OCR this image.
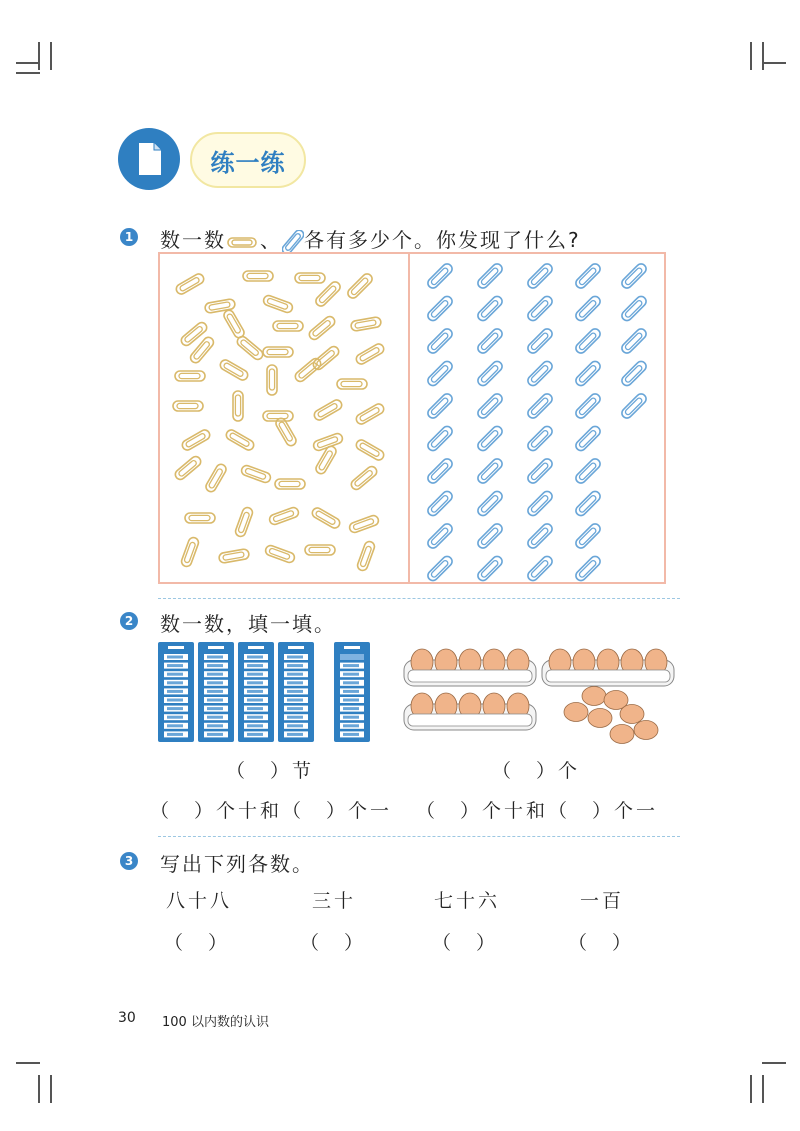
练一练
1 数一数 、 各有多少个。你发现了什么?
2 数一数，填一填。
（　）节	（　）个
（　）个十和（　）个一 （　）个十和（　）个一
3 写出下列各数。
八十八	三十	七十六	一百
（　）	（　）	（　）	（　）
30 100 以内数的认识
